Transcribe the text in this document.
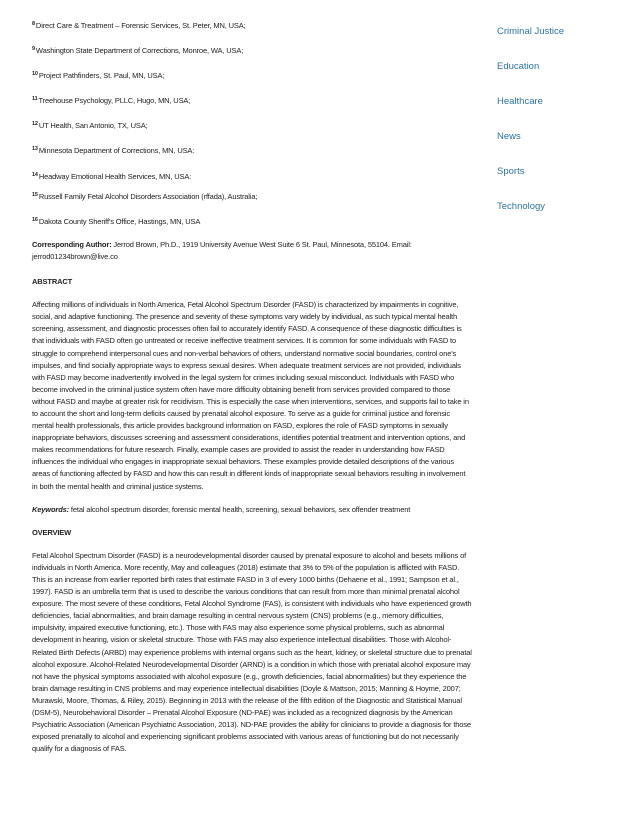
$^8$Direct Care & Treatment – Forensic Services, St. Peter, MN, USA;
$^9$Washington State Department of Corrections, Monroe, WA, USA;
$^{10}$Project Pathfinders, St. Paul, MN, USA;
$^{11}$Treehouse Psychology, PLLC, Hugo, MN, USA;
$^{12}$UT Health, San Antonio, TX, USA;
$^{13}$Minnesota Department of Corrections, MN, USA:
$^{14}$Headway Emotional Health Services, MN, USA:
$^{15}$Russell Family Fetal Alcohol Disorders Association (rffada), Australia;
$^{16}$Dakota County Sheriff's Office, Hastings, MN, USA
Corresponding Author: Jerrod Brown, Ph.D., 1919 University Avenue West Suite 6 St. Paul, Minnesota, 55104. Email: jerrod01234brown@live.co
ABSTRACT
Affecting millions of individuals in North America, Fetal Alcohol Spectrum Disorder (FASD) is characterized by impairments in cognitive, social, and adaptive functioning. The presence and severity of these symptoms vary widely by individual, as such typical mental health screening, assessment, and diagnostic processes often fail to accurately identify FASD. A consequence of these diagnostic difficulties is that individuals with FASD often go untreated or receive ineffective treatment services. It is common for some individuals with FASD to struggle to comprehend interpersonal cues and non-verbal behaviors of others, understand normative social boundaries, control one's impulses, and find socially appropriate ways to express sexual desires. When adequate treatment services are not provided, individuals with FASD may become inadvertently involved in the legal system for crimes including sexual misconduct. Individuals with FASD who become involved in the criminal justice system often have more difficulty obtaining benefit from services provided compared to those without FASD and maybe at greater risk for recidivism. This is especially the case when interventions, services, and supports fail to take in to account the short and long-term deficits caused by prenatal alcohol exposure. To serve as a guide for criminal justice and forensic mental health professionals, this article provides background information on FASD, explores the role of FASD symptoms in sexually inappropriate behaviors, discusses screening and assessment considerations, identifies potential treatment and intervention options, and makes recommendations for future research. Finally, example cases are provided to assist the reader in understanding how FASD influences the individual who engages in inappropriate sexual behaviors. These examples provide detailed descriptions of the various areas of functioning affected by FASD and how this can result in different kinds of inappropriate sexual behaviors resulting in involvement in both the mental health and criminal justice systems.
Keywords: fetal alcohol spectrum disorder, forensic mental health, screening, sexual behaviors, sex offender treatment
OVERVIEW
Fetal Alcohol Spectrum Disorder (FASD) is a neurodevelopmental disorder caused by prenatal exposure to alcohol and besets millions of individuals in North America. More recently, May and colleagues (2018) estimate that 3% to 5% of the population is afflicted with FASD. This is an increase from earlier reported birth rates that estimate FASD in 3 of every 1000 births (Dehaene et al., 1991; Sampson et al., 1997). FASD is an umbrella term that is used to describe the various conditions that can result from more than minimal prenatal alcohol exposure. The most severe of these conditions, Fetal Alcohol Syndrome (FAS), is consistent with individuals who have experienced growth deficiencies, facial abnormalities, and brain damage resulting in central nervous system (CNS) problems (e.g., memory difficulties, impulsivity, impaired executive functioning, etc.). Those with FAS may also experience some physical problems, such as abnormal development in hearing, vision or skeletal structure. Those with FAS may also experience intellectual disabilities. Those with Alcohol-Related Birth Defects (ARBD) may experience problems with internal organs such as the heart, kidney, or skeletal structure due to prenatal alcohol exposure. Alcohol-Related Neurodevelopmental Disorder (ARND) is a condition in which those with prenatal alcohol exposure may not have the physical symptoms associated with alcohol exposure (e.g., growth deficiencies, facial abnormalities) but they experience the brain damage resulting in CNS problems and may experience intellectual disabilities (Doyle & Mattson, 2015; Manning & Hoyme, 2007; Murawski, Moore, Thomas, & Riley, 2015). Beginning in 2013 with the release of the fifth edition of the Diagnostic and Statistical Manual (DSM-5), Neurobehavioral Disorder – Prenatal Alcohol Exposure (ND-PAE) was included as a recognized diagnosis by the American Psychiatric Association (American Psychiatric Association, 2013). ND-PAE provides the ability for clinicians to provide a diagnosis for those exposed prenatally to alcohol and experiencing significant problems associated with various areas of functioning but do not necessarily qualify for a diagnosis of FAS.
Criminal Justice
Education
Healthcare
News
Sports
Technology
